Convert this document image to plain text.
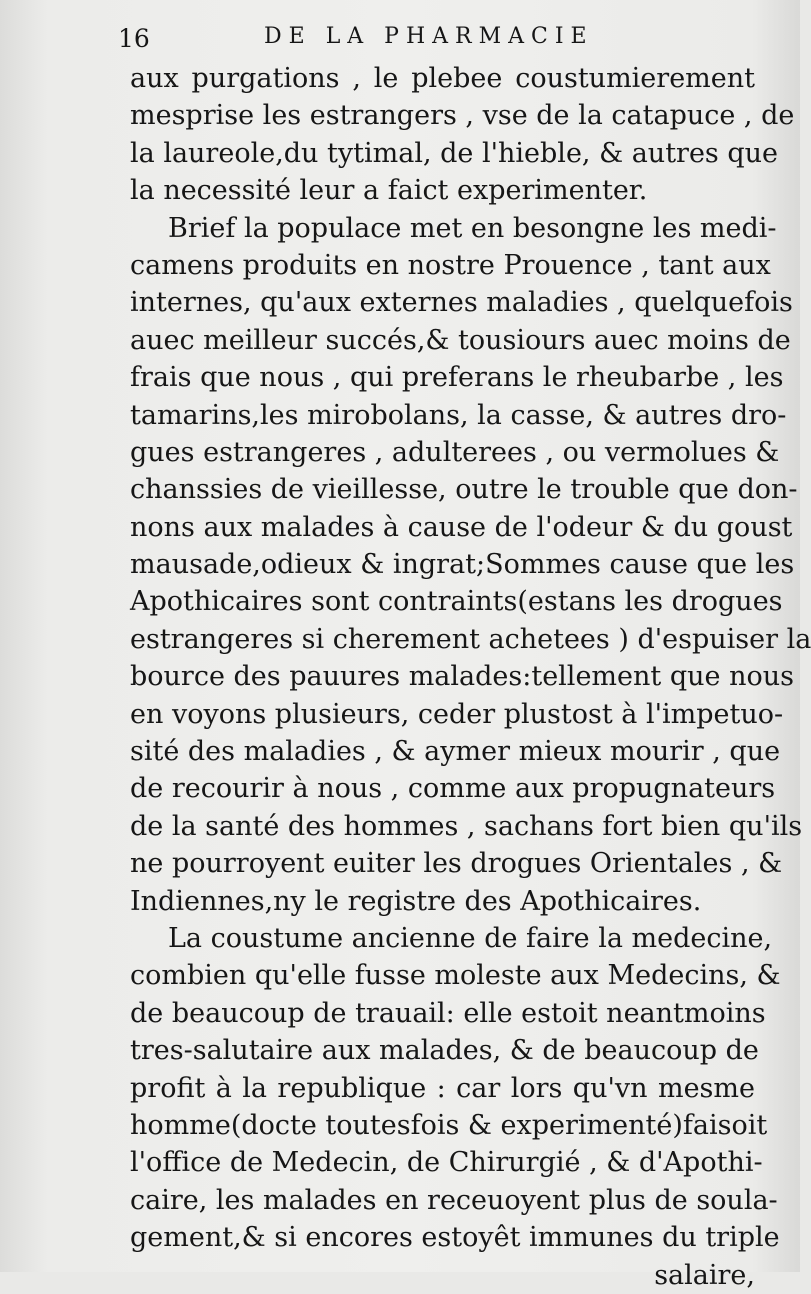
16	DE LA PHARMACIE
aux purgations , le plebee coustumierement
mesprise les estrangers , vse de la catapuce , de
la laureole,du tytimal, de l'hieble, & autres que
la necessité leur a faict experimenter.
Brief la populace met en besongne les medi-
camens produits en nostre Prouence , tant aux
internes, qu'aux externes maladies , quelquefois
auec meilleur succés,& tousiours auec moins de
frais que nous , qui preferans le rheubarbe , les
tamarins,les mirobolans, la casse, & autres dro-
gues estrangeres , adulterees , ou vermolues &
chanssies de vieillesse, outre le trouble que don-
nons aux malades à cause de l'odeur & du goust
mausade,odieux & ingrat;Sommes cause que les
Apothicaires sont contraints(estans les drogues
estrangeres si cherement achetees ) d'espuiser la
bource des pauures malades:tellement que nous
en voyons plusieurs, ceder plustost à l'impetuo-
sité des maladies , & aymer mieux mourir , que
de recourir à nous , comme aux propugnateurs
de la santé des hommes , sachans fort bien qu'ils
ne pourroyent euiter les drogues Orientales , &
Indiennes,ny le registre des Apothicaires.
La coustume ancienne de faire la medecine,
combien qu'elle fusse moleste aux Medecins, &
de beaucoup de trauail: elle estoit neantmoins
tres-salutaire aux malades, & de beaucoup de
profit à la republique : car lors qu'vn mesme
homme(docte toutesfois & experimenté)faisoit
l'office de Medecin, de Chirurgié , & d'Apothi-
caire, les malades en receuoyent plus de soula-
gement,& si encores estoyêt immunes du triple
salaire,
